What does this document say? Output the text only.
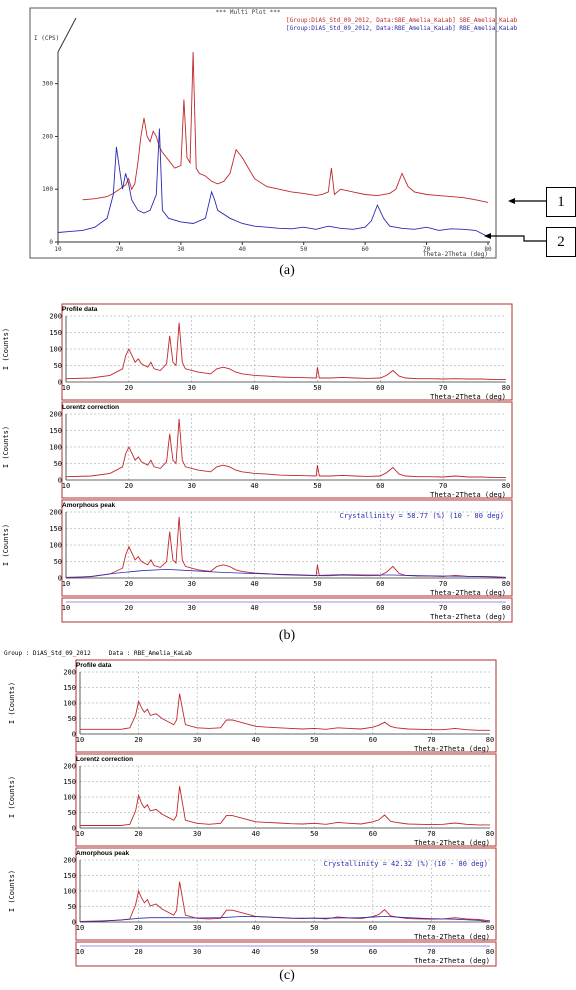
*** Multi Plot ***
[Group:DiAS_Std_09_2012, Data:SBE_Amelia_KaLab] SBE_Amelia_KaLab
[Group:DiAS_Std_09_2012, Data:RBE_Amelia_KaLab] RBE_Amelia_KaLab
I (CPS)
10	20	30	40	50	60	70	80
0
100
200
300
Theta-2Theta (deg)
1
2
(a)
Profile data
0
50
100
150
200
10	20	30	40	50	60	70	80
Theta-2Theta (deg)
I (Counts)
Lorentz correction
0
50
100
150
200
10	20	30	40	50	60	70	80
Theta-2Theta (deg)
I (Counts)
Amorphous peak
0
50
100
150
200
10	20	30	40	50	60	70	80
Theta-2Theta (deg)
I (Counts)
Crystallinity = 58.77 (%) (10 - 80 deg)
10	20	30	40	50	60	70	80
Theta-2Theta (deg)
(b)
Group : DiAS_Std_09_2012     Data : RBE_Amelia_KaLab
Profile data
0
50
100
150
200
10	20	30	40	50	60	70	80
Theta-2Theta (deg)
I (Counts)
Lorentz correction
0
50
100
150
200
10	20	30	40	50	60	70	80
Theta-2Theta (deg)
I (Counts)
Amorphous peak
0
50
100
150
200
10	20	30	40	50	60	70	80
Theta-2Theta (deg)
I (Counts)
Crystallinity = 42.32 (%) (10 - 80 deg)
10	20	30	40	50	60	70	80
Theta-2Theta (deg)
(c)
